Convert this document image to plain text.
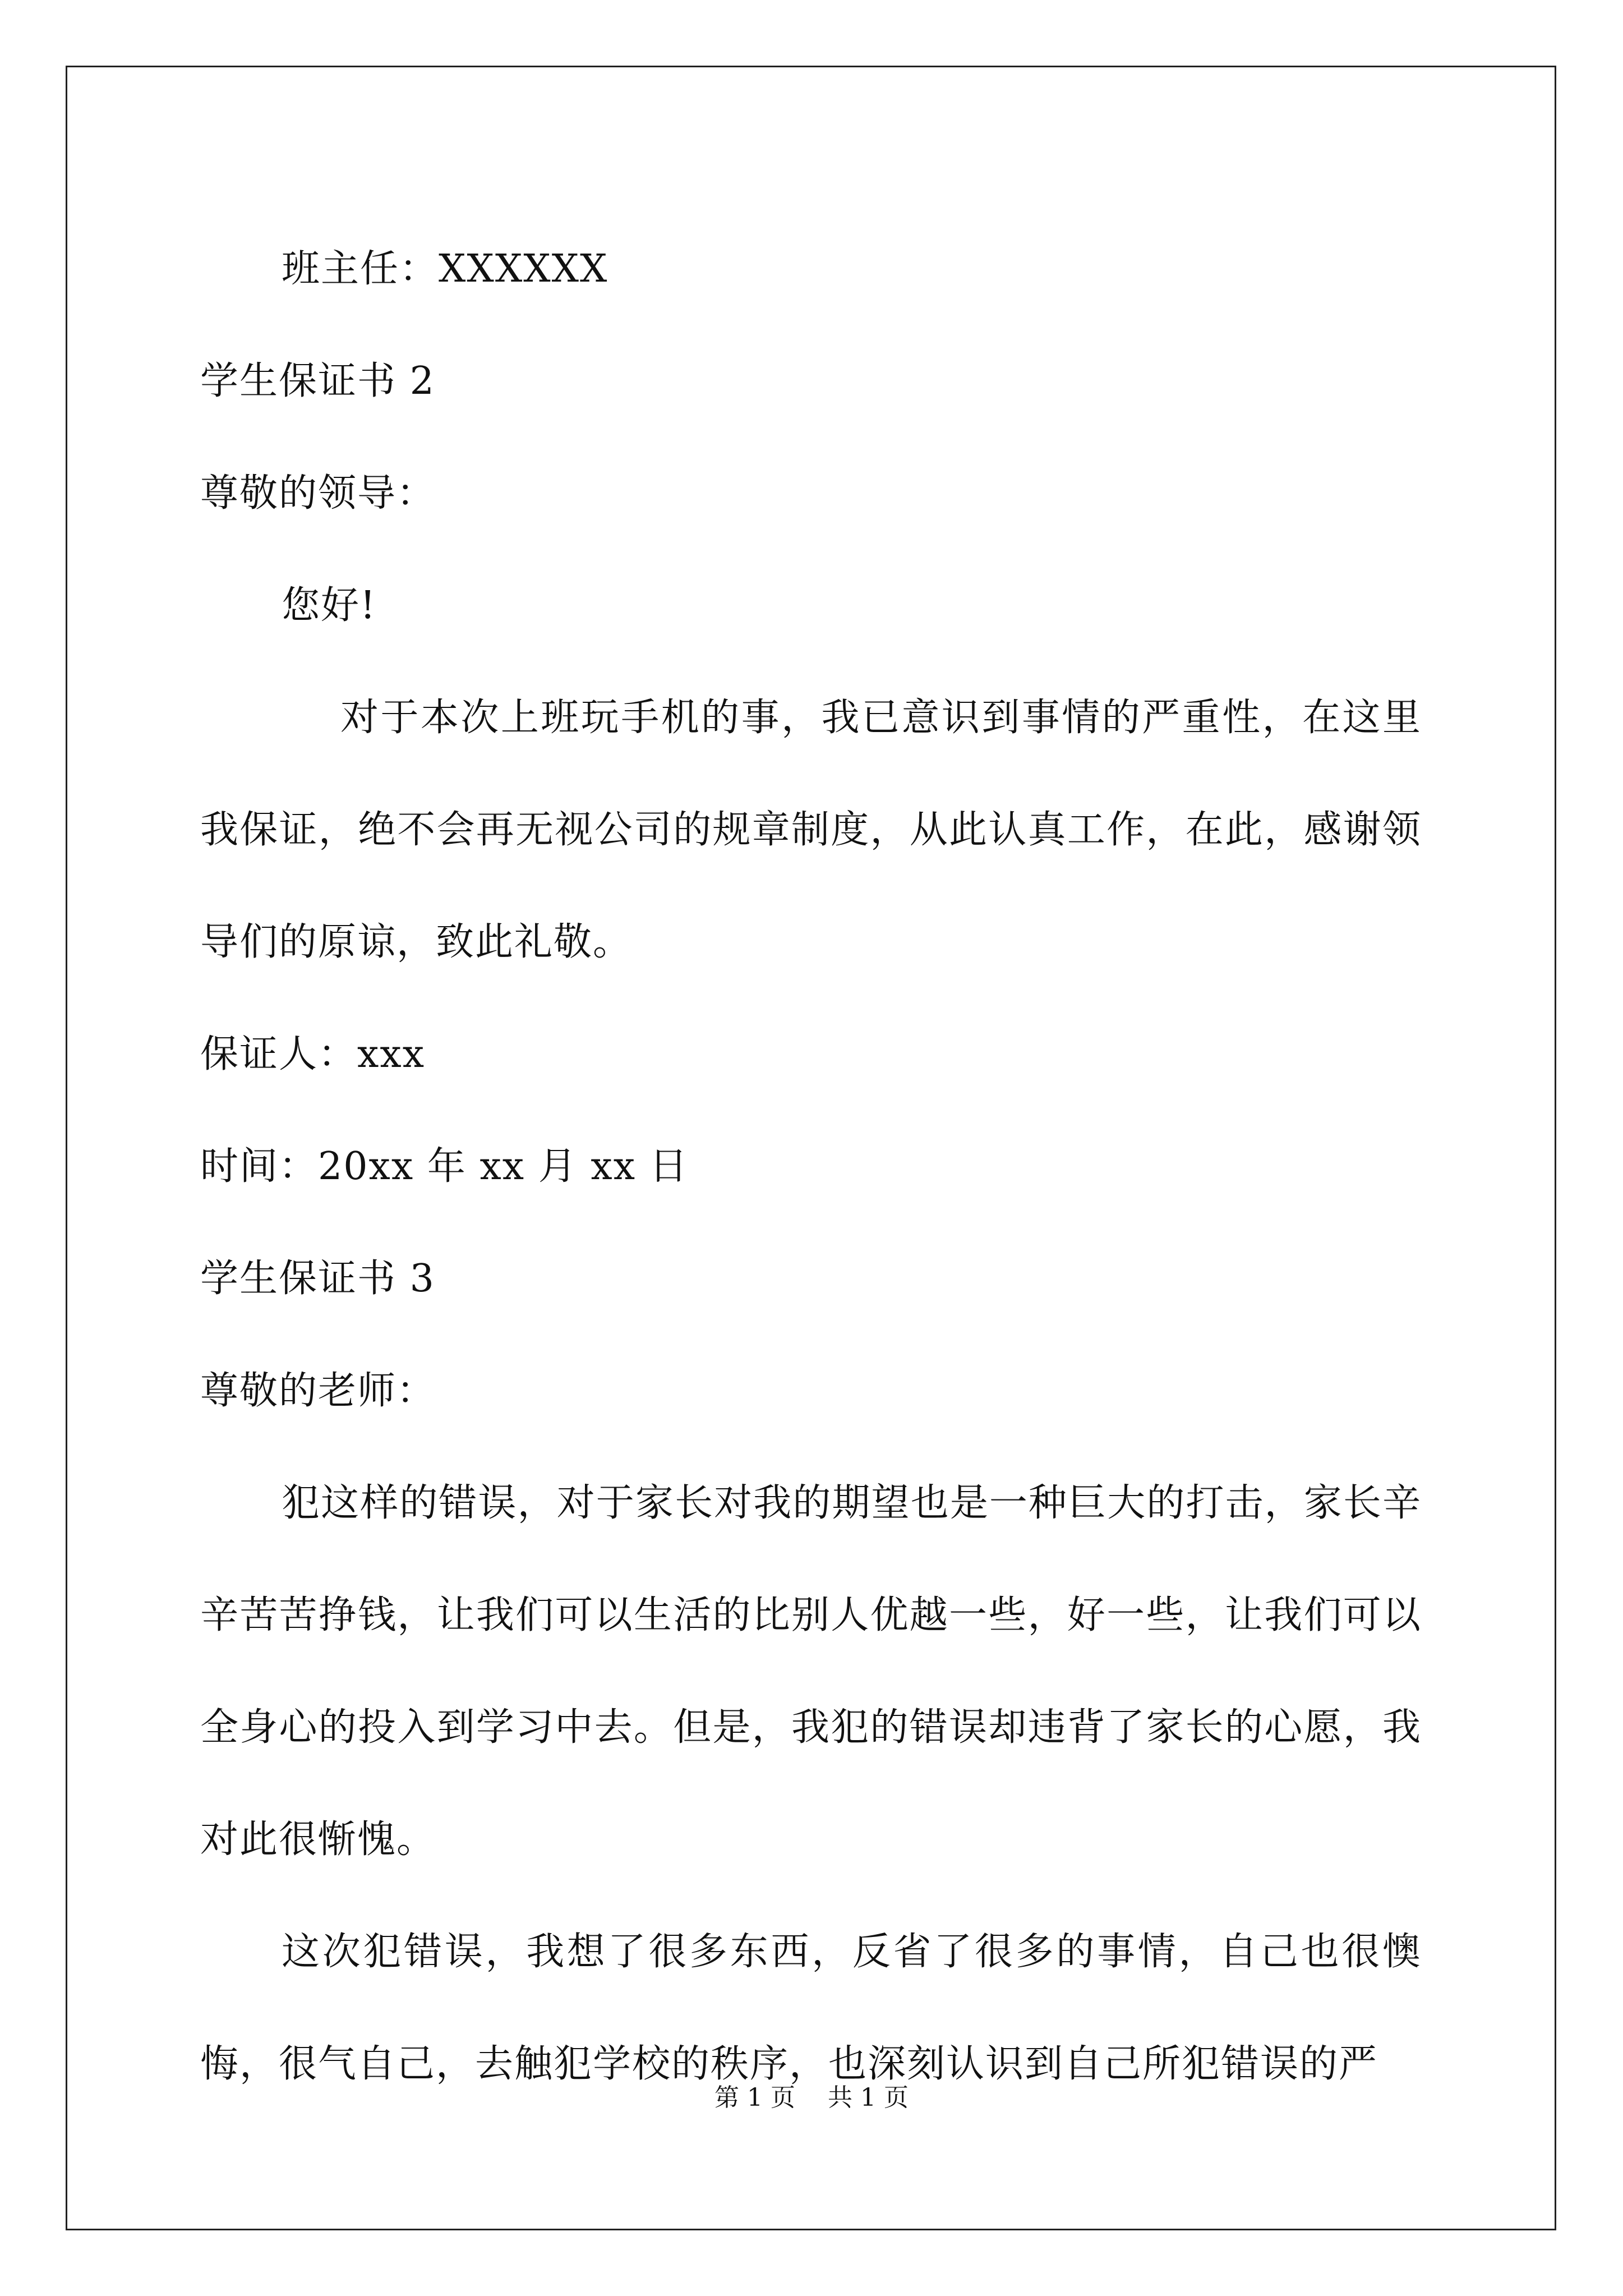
班主任：XXXXXX
学生保证书 2
尊敬的领导：
您好!

对于本次上班玩手机的事，我已意识到事情的严重性，在这里我保证，绝不会再无视公司的规章制度，从此认真工作，在此，感谢领导们的原谅，致此礼敬。

保证人：xxx
时间：20xx 年 xx 月 xx 日
学生保证书 3
尊敬的老师：

犯这样的错误，对于家长对我的期望也是一种巨大的打击，家长辛辛苦苦挣钱，让我们可以生活的比别人优越一些，好一些，让我们可以全身心的投入到学习中去。但是，我犯的错误却违背了家长的心愿，我对此很惭愧。

这次犯错误，我想了很多东西，反省了很多的事情，自己也很懊悔，很气自己，去触犯学校的秩序，也深刻认识到自己所犯错误的严

第 1 页　 共 1 页
